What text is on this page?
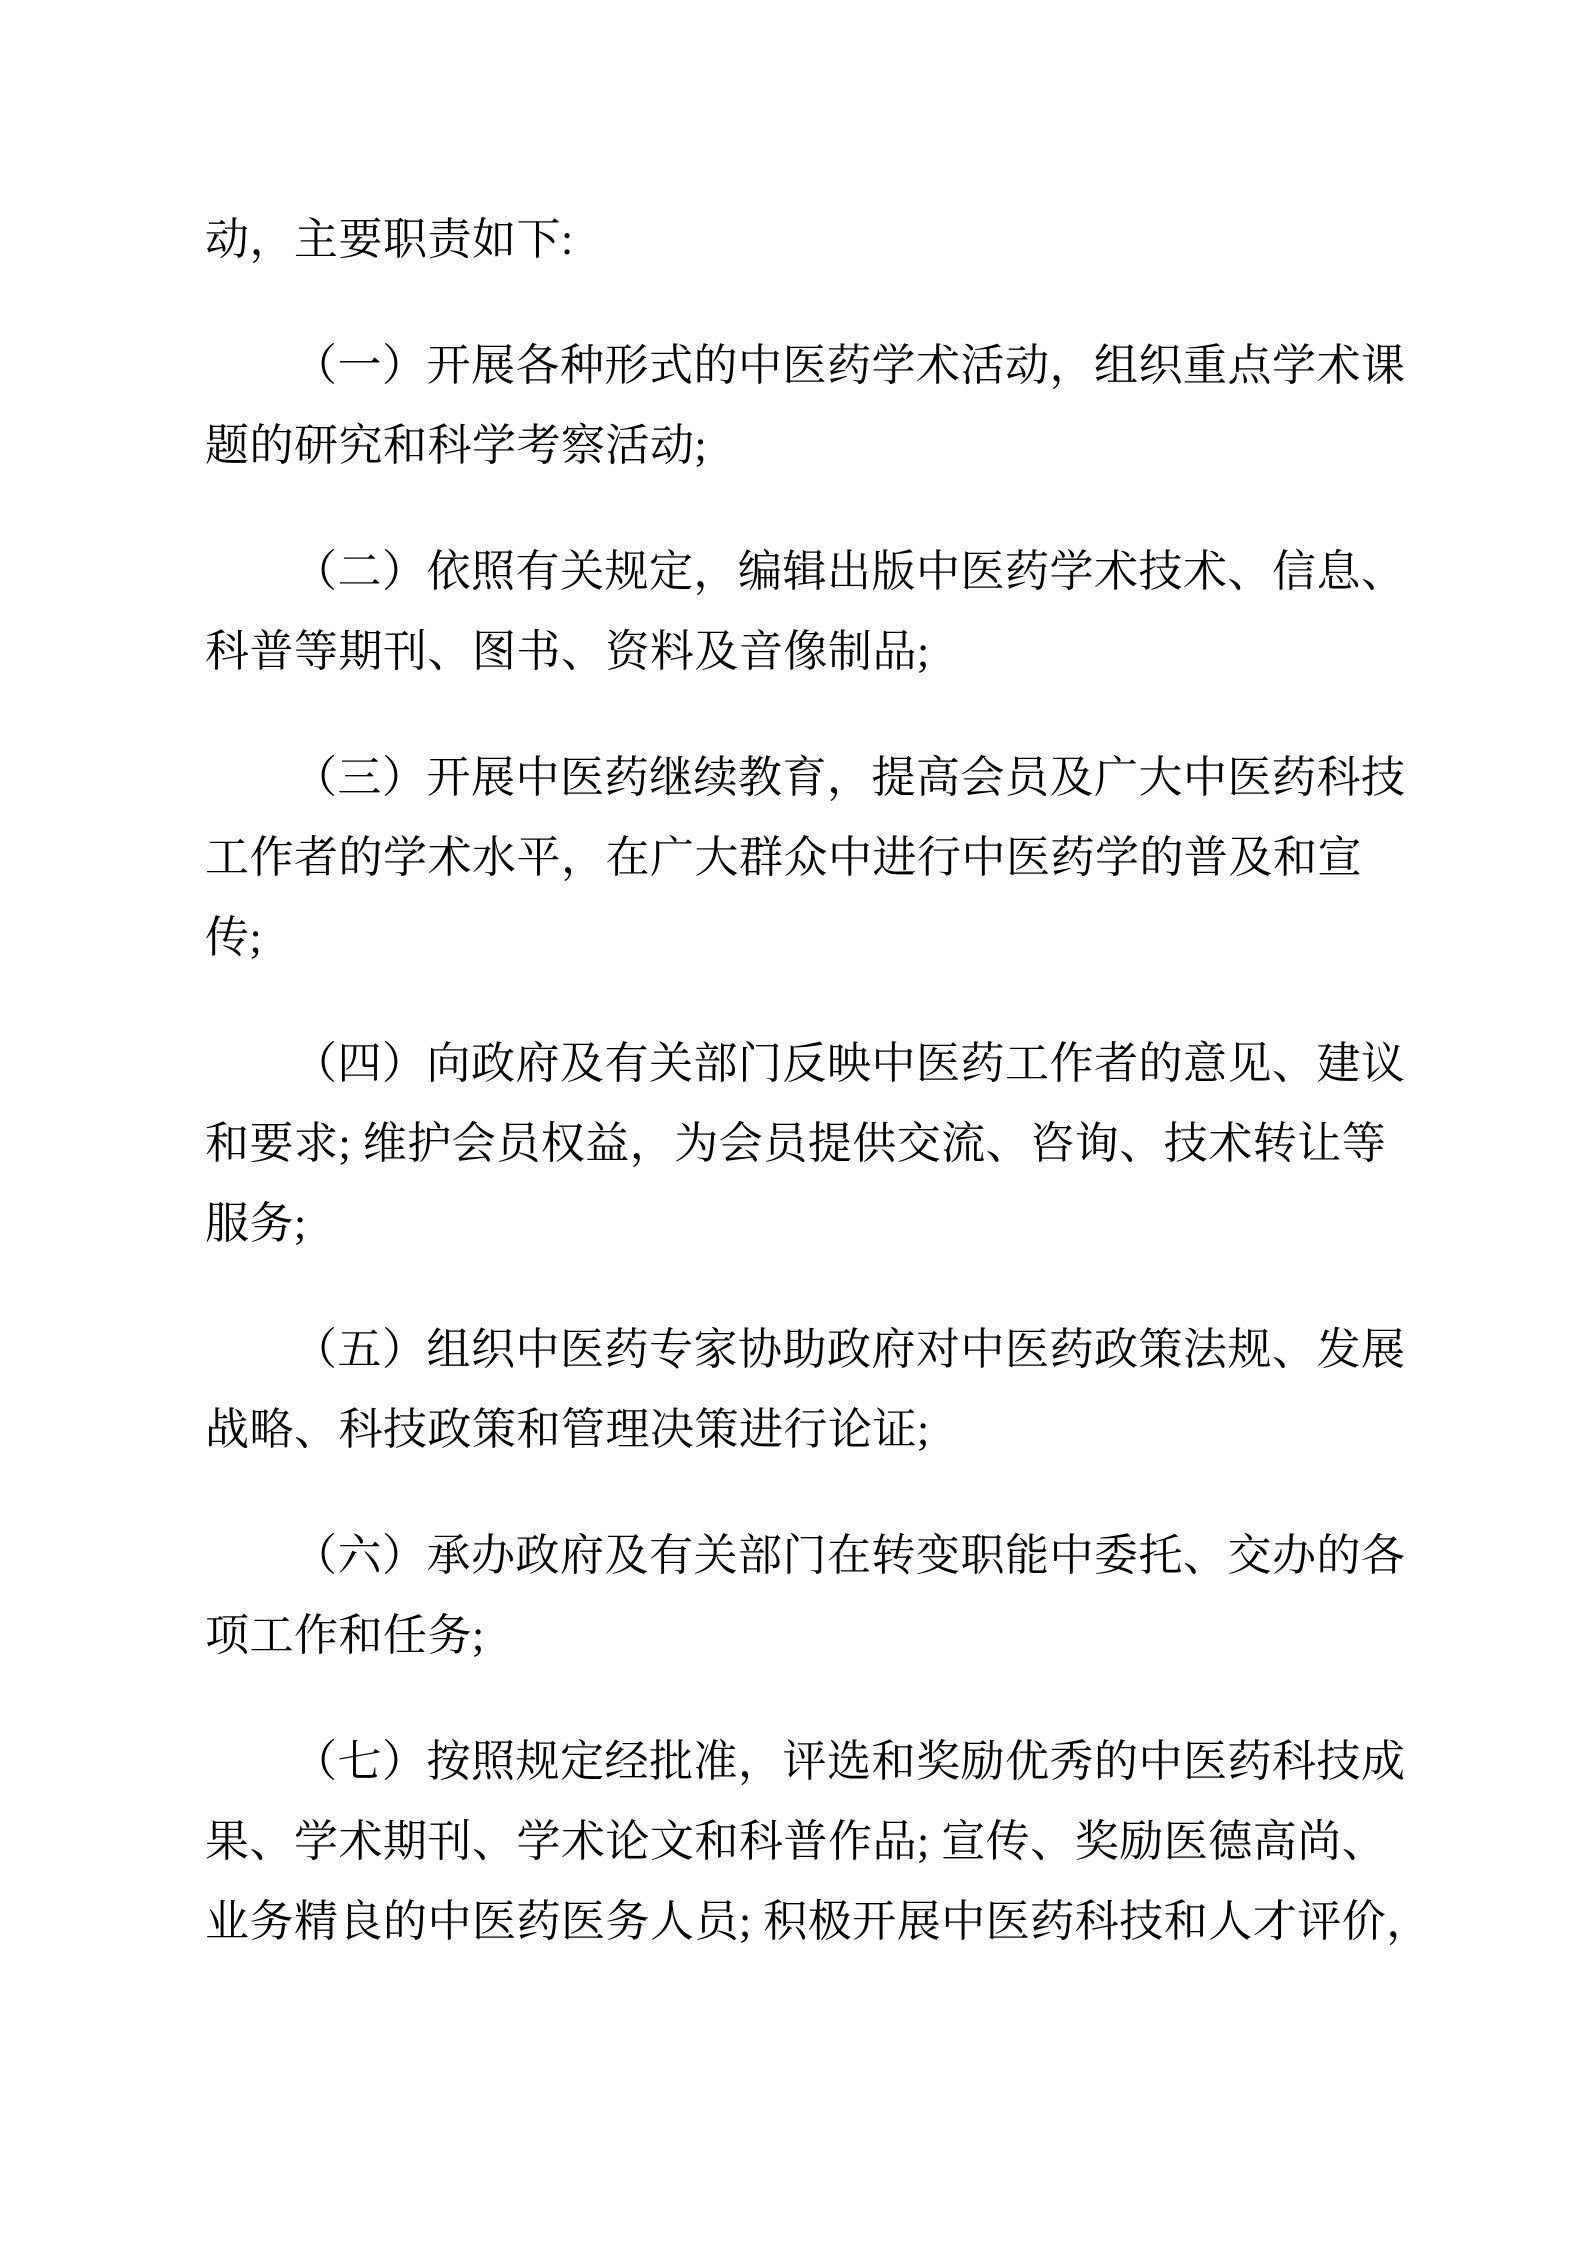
动，主要职责如下:

（一）开展各种形式的中医药学术活动，组织重点学术课
题的研究和科学考察活动;

（二）依照有关规定，编辑出版中医药学术技术、信息、
科普等期刊、图书、资料及音像制品;

（三）开展中医药继续教育，提高会员及广大中医药科技
工作者的学术水平，在广大群众中进行中医药学的普及和宣
传;

（四）向政府及有关部门反映中医药工作者的意见、建议
和要求; 维护会员权益，为会员提供交流、咨询、技术转让等
服务;

（五）组织中医药专家协助政府对中医药政策法规、发展
战略、科技政策和管理决策进行论证;

（六）承办政府及有关部门在转变职能中委托、交办的各
项工作和任务;

（七）按照规定经批准，评选和奖励优秀的中医药科技成
果、学术期刊、学术论文和科普作品; 宣传、奖励医德高尚、
业务精良的中医药医务人员; 积极开展中医药科技和人才评价，
